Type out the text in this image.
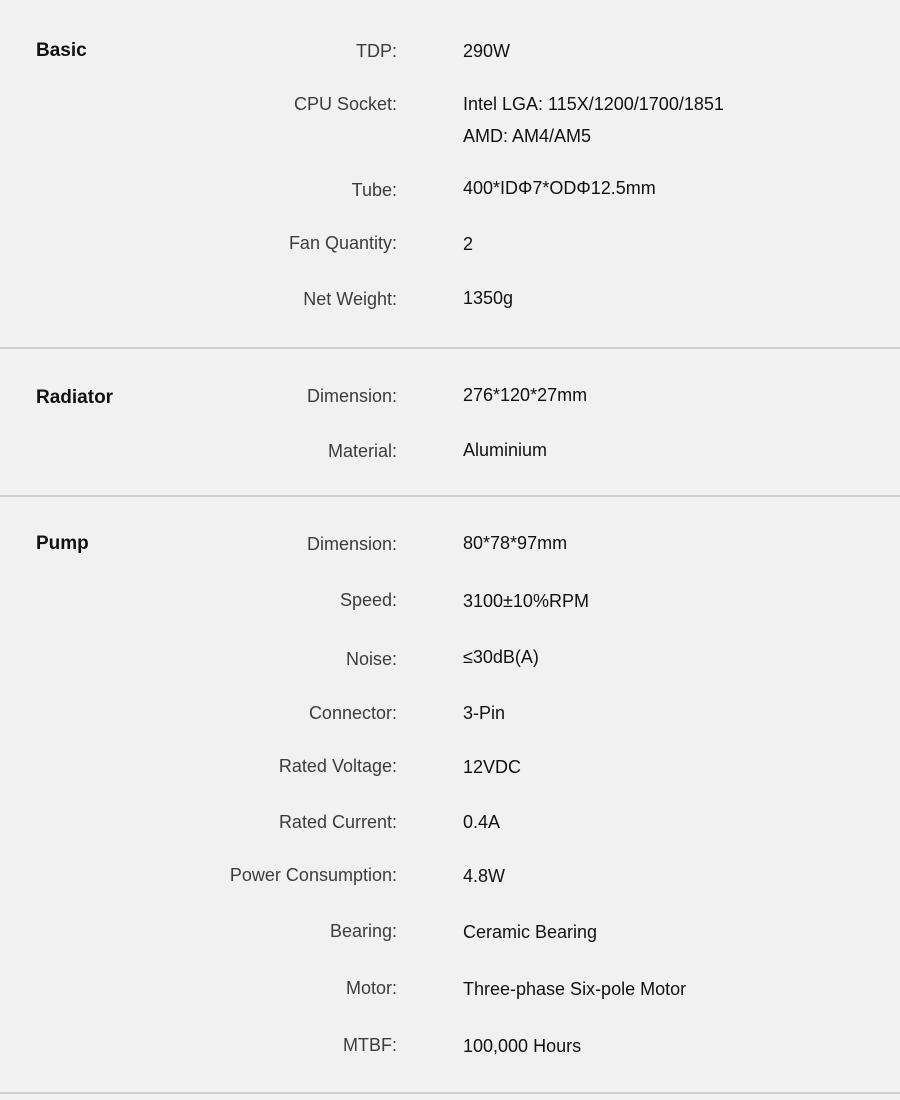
Basic	TDP:	290W
CPU Socket:	Intel LGA: 115X/1200/1700/1851
AMD: AM4/AM5
Tube:	400*IDΦ7*ODΦ12.5mm
Fan Quantity:	2
Net Weight:	1350g
Radiator	Dimension:	276*120*27mm
Material:	Aluminium
Pump	Dimension:	80*78*97mm
Speed:	3100±10%RPM
Noise:	≤30dB(A)
Connector:	3-Pin
Rated Voltage:	12VDC
Rated Current:	0.4A
Power Consumption:	4.8W
Bearing:	Ceramic Bearing
Motor:	Three-phase Six-pole Motor
MTBF:	100,000 Hours
